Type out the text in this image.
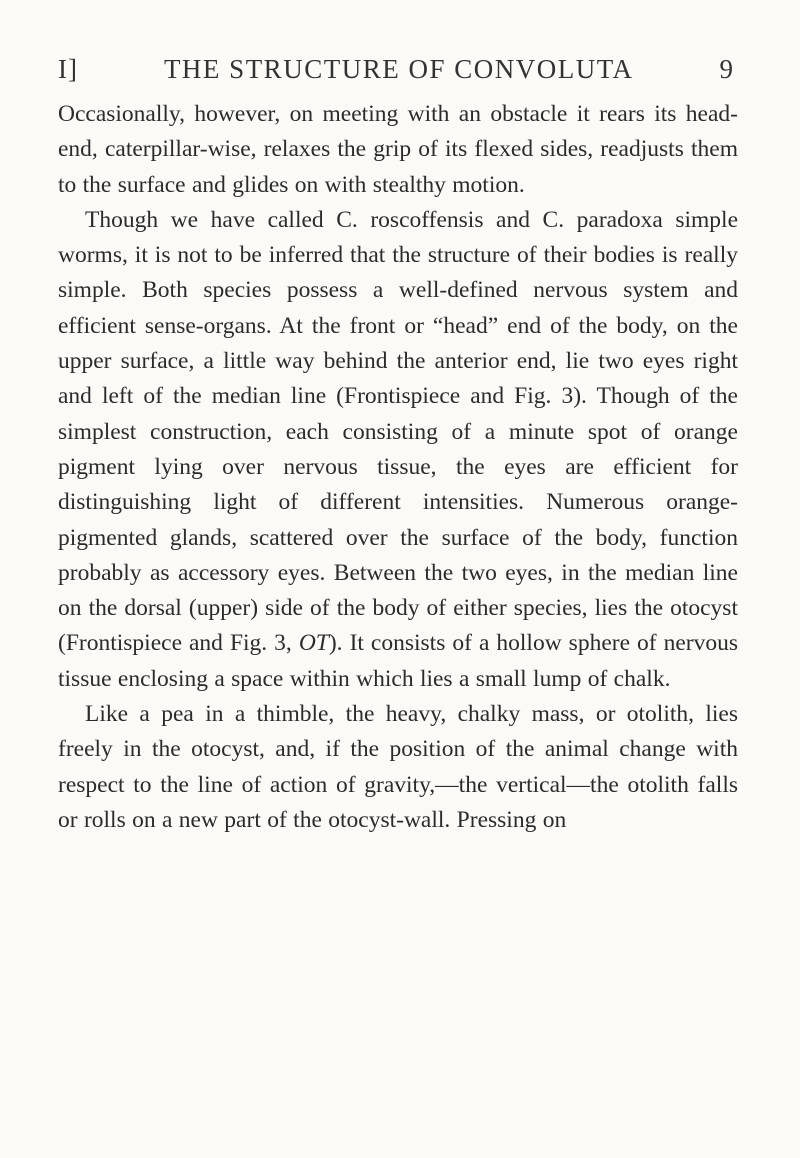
I]	THE STRUCTURE OF CONVOLUTA	9

Occasionally, however, on meeting with an obstacle it rears its head-end, caterpillar-wise, relaxes the grip of its flexed sides, readjusts them to the surface and glides on with stealthy motion.

Though we have called C. roscoffensis and C. paradoxa simple worms, it is not to be inferred that the structure of their bodies is really simple. Both species possess a well-defined nervous system and efficient sense-organs. At the front or “head” end of the body, on the upper surface, a little way behind the anterior end, lie two eyes right and left of the median line (Frontispiece and Fig. 3). Though of the simplest construction, each consisting of a minute spot of orange pigment lying over nervous tissue, the eyes are efficient for distinguishing light of different intensities. Numerous orange-pigmented glands, scattered over the surface of the body, function probably as accessory eyes. Between the two eyes, in the median line on the dorsal (upper) side of the body of either species, lies the otocyst (Frontispiece and Fig. 3, OT). It consists of a hollow sphere of nervous tissue enclosing a space within which lies a small lump of chalk.

Like a pea in a thimble, the heavy, chalky mass, or otolith, lies freely in the otocyst, and, if the position of the animal change with respect to the line of action of gravity,—the vertical—the otolith falls or rolls on a new part of the otocyst-wall. Pressing on
